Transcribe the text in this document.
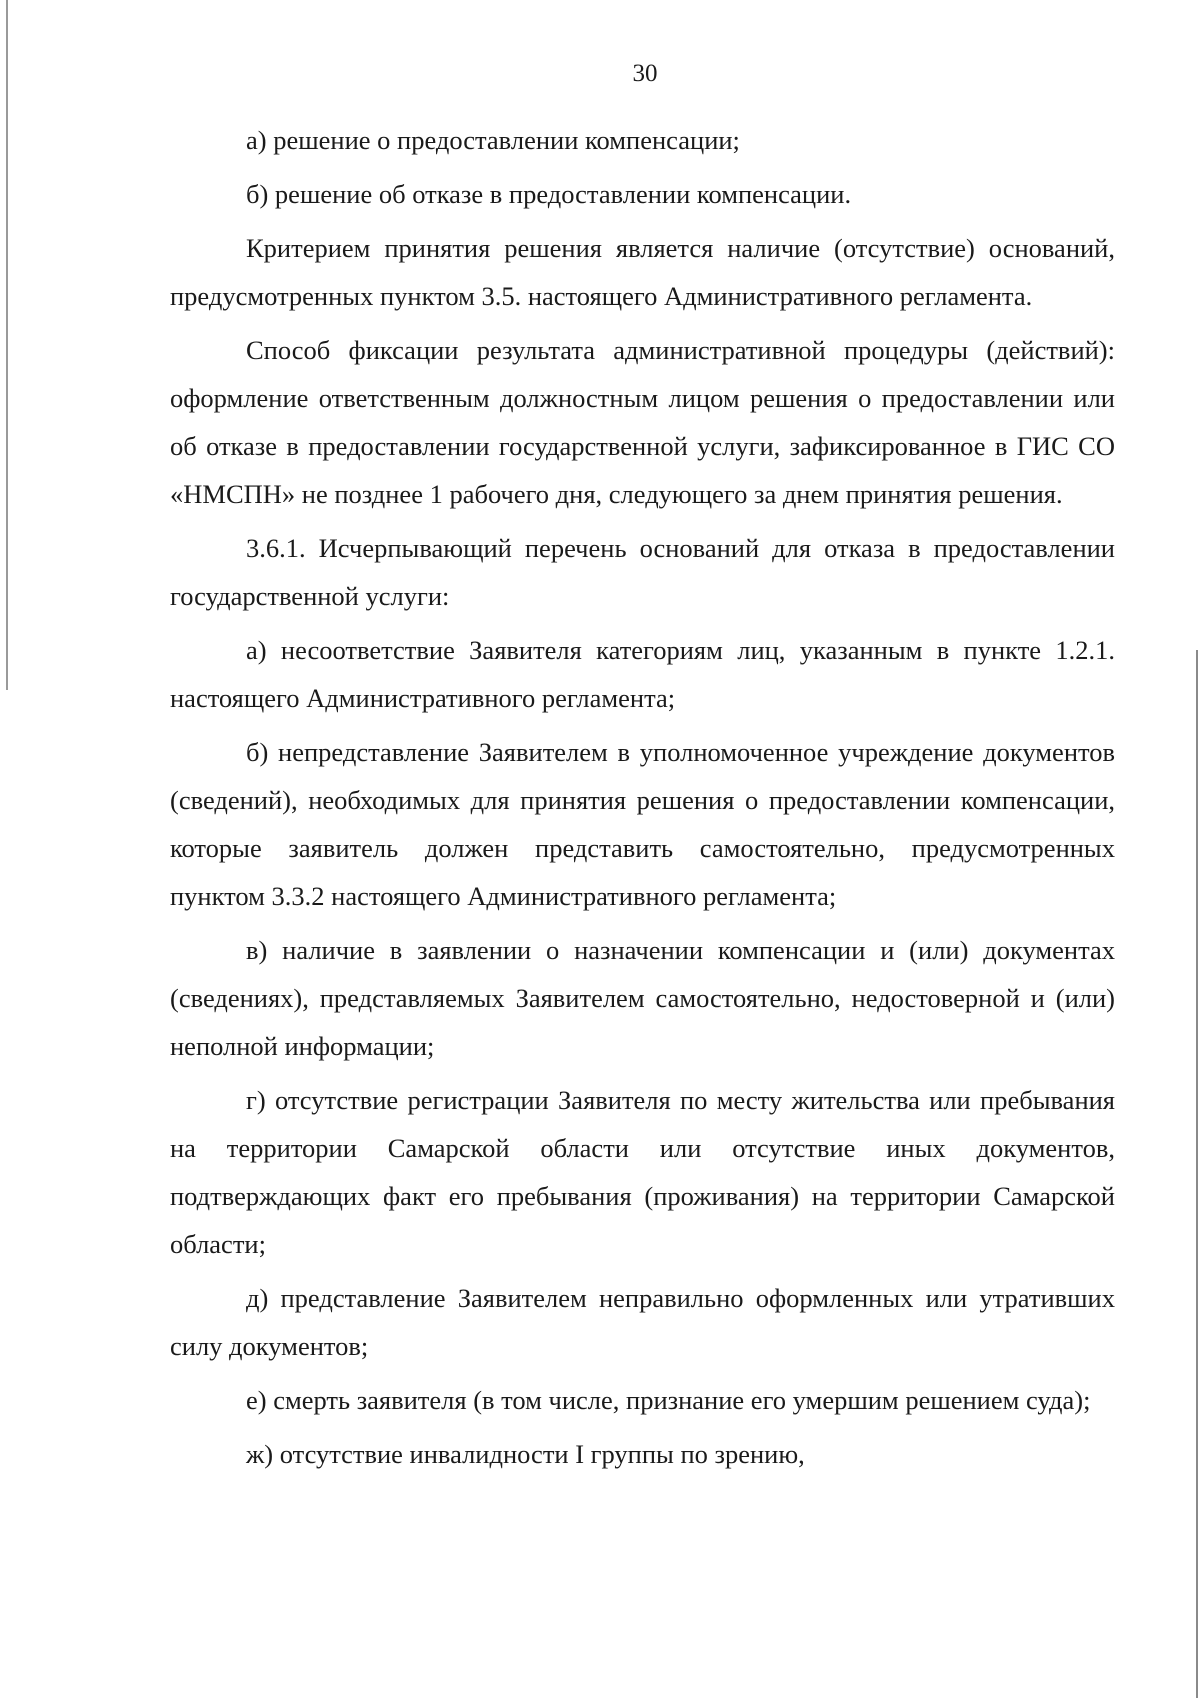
30

а) решение о предоставлении компенсации;

б) решение об отказе в предоставлении компенсации.

Критерием принятия решения является наличие (отсутствие) оснований, предусмотренных пунктом 3.5. настоящего Административного регламента.

Способ фиксации результата административной процедуры (действий): оформление ответственным должностным лицом решения о предоставлении или об отказе в предоставлении государственной услуги, зафиксированное в ГИС СО «НМСПН» не позднее 1 рабочего дня, следующего за днем принятия решения.

3.6.1. Исчерпывающий перечень оснований для отказа в предоставлении государственной услуги:

а) несоответствие Заявителя категориям лиц, указанным в пункте 1.2.1. настоящего Административного регламента;

б) непредставление Заявителем в уполномоченное учреждение документов (сведений), необходимых для принятия решения о предоставлении компенсации, которые заявитель должен представить самостоятельно, предусмотренных пунктом 3.3.2 настоящего Административного регламента;

в) наличие в заявлении о назначении компенсации и (или) документах (сведениях), представляемых Заявителем самостоятельно, недостоверной и (или) неполной информации;

г) отсутствие регистрации Заявителя по месту жительства или пребывания на территории Самарской области или отсутствие иных документов, подтверждающих факт его пребывания (проживания) на территории Самарской области;

д) представление Заявителем неправильно оформленных или утративших силу документов;

е) смерть заявителя (в том числе, признание его умершим решением суда);

ж) отсутствие инвалидности I группы по зрению,
